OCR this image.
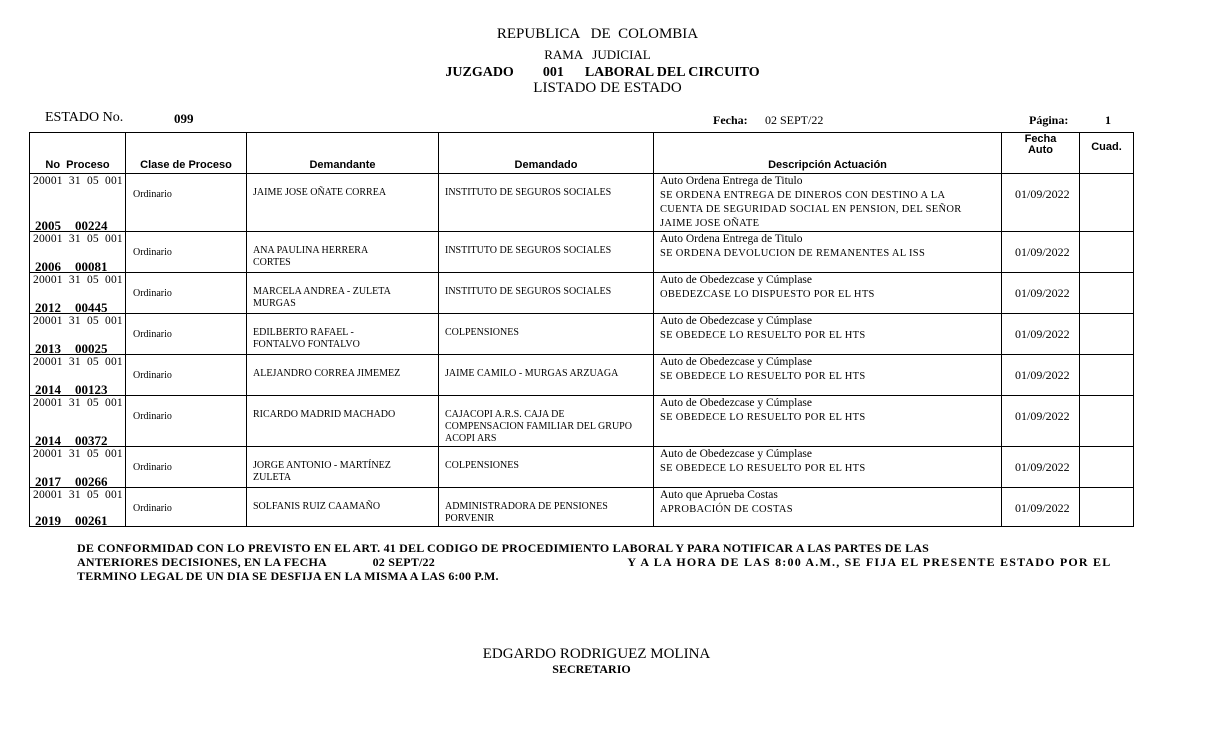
REPUBLICA   DE  COLOMBIA
RAMA   JUDICIAL
JUZGADO 001 LABORAL DEL CIRCUITO
LISTADO DE ESTADO
ESTADO No.	099	Fecha: 02 SEPT/22	Página:	1
No  Proceso	Clase de Proceso	Demandante	Demandado	Descripción Actuación	Fecha
Auto	Cuad.

20001  31  05  001
2005 00224	Ordinario	JAIME JOSE OÑATE CORREA	INSTITUTO DE SEGUROS SOCIALES	Auto Ordena Entrega de Titulo
SE ORDENA ENTREGA DE DINEROS CON DESTINO A LA CUENTA DE SEGURIDAD SOCIAL EN PENSION, DEL SEÑOR JAIME JOSE OÑATE	01/09/2022	

20001  31  05  001
2006 00081	Ordinario	ANA PAULINA HERRERA CORTES	INSTITUTO DE SEGUROS SOCIALES	Auto Ordena Entrega de Titulo
SE ORDENA DEVOLUCION DE REMANENTES AL ISS	01/09/2022	

20001  31  05  001
2012 00445	Ordinario	MARCELA ANDREA - ZULETA MURGAS	INSTITUTO DE SEGUROS SOCIALES	Auto de Obedezcase y Cúmplase
OBEDEZCASE LO DISPUESTO POR EL HTS	01/09/2022	

20001  31  05  001
2013 00025	Ordinario	EDILBERTO RAFAEL - FONTALVO FONTALVO	COLPENSIONES	Auto de Obedezcase y Cúmplase
SE OBEDECE LO RESUELTO POR EL HTS	01/09/2022	

20001  31  05  001
2014 00123	Ordinario	ALEJANDRO CORREA JIMEMEZ	JAIME CAMILO - MURGAS ARZUAGA	Auto de Obedezcase y Cúmplase
SE OBEDECE LO RESUELTO POR EL HTS	01/09/2022	

20001  31  05  001
2014 00372	Ordinario	RICARDO MADRID MACHADO	CAJACOPI A.R.S. CAJA DE COMPENSACION FAMILIAR DEL GRUPO ACOPI ARS	Auto de Obedezcase y Cúmplase
SE OBEDECE LO RESUELTO POR EL HTS	01/09/2022	

20001  31  05  001
2017 00266	Ordinario	JORGE ANTONIO - MARTÍNEZ ZULETA	COLPENSIONES	Auto de Obedezcase y Cúmplase
SE OBEDECE LO RESUELTO POR EL HTS	01/09/2022	

20001  31  05  001
2019 00261	Ordinario	SOLFANIS RUIZ CAAMAÑO	ADMINISTRADORA DE PENSIONES PORVENIR	Auto que Aprueba Costas
APROBACIÓN DE COSTAS	01/09/2022	

DE CONFORMIDAD CON LO PREVISTO EN EL ART. 41 DEL CODIGO DE PROCEDIMIENTO LABORAL Y PARA NOTIFICAR A LAS PARTES DE LAS
ANTERIORES DECISIONES, EN LA FECHA	02 SEPT/22	Y A LA HORA DE LAS 8:00 A.M., SE FIJA EL PRESENTE ESTADO POR EL
TERMINO LEGAL DE UN DIA SE DESFIJA EN LA MISMA A LAS 6:00 P.M.
EDGARDO RODRIGUEZ MOLINA
SECRETARIO
